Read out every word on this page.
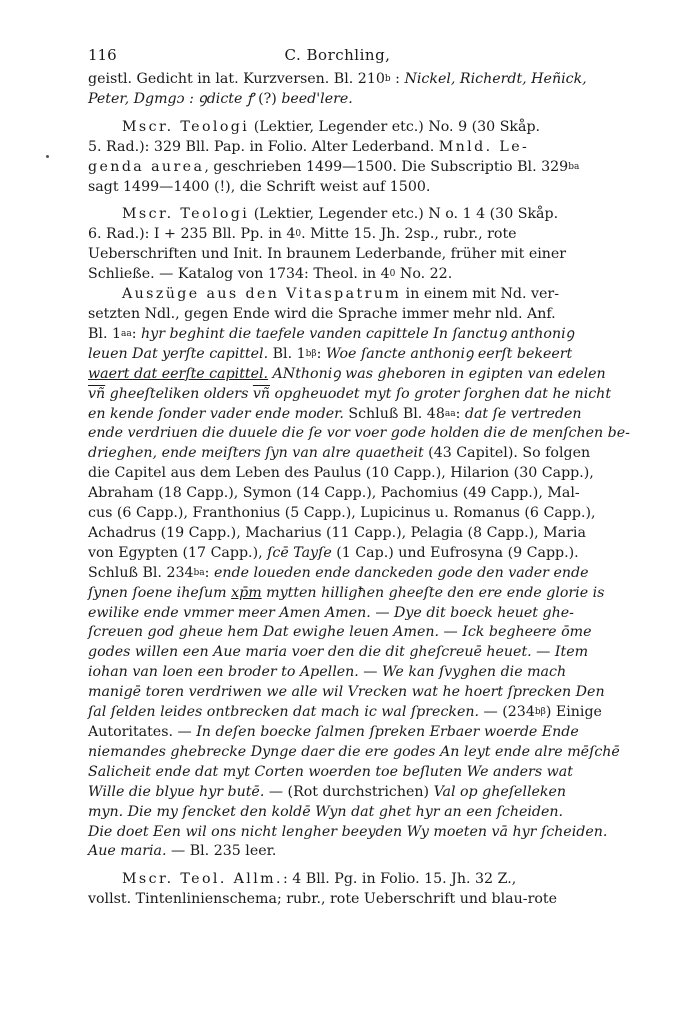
116	C. Borchling,
geistl. Gedicht in lat. Kurzversen. Bl. 210$^b$ : Nickel, Richerdt, Heñick,
Peter, Dgmgɔ : ꝯdicte ꝭ (?) beed'lere.
Mscr. Teologi (Lektier, Legender etc.) No. 9 (30 Skåp.
5. Rad.): 329 Bll. Pap. in Folio. Alter Lederband. Mnld. Le-
genda aurea, geschrieben 1499—1500. Die Subscriptio Bl. $329^{ba}$
sagt 1499—1400 (!), die Schrift weist auf 1500.
Mscr. Teologi (Lektier, Legender etc.) N o. 1 4 (30 Skåp.
6. Rad.): I + 235 Bll. Pp. in $4^0$. Mitte 15. Jh. 2sp., rubr., rote
Ueberschriften und Init. In braunem Lederbande, früher mit einer
Schließe. — Katalog von 1734: Theol. in $4^0$ No. 22.
Auszüge aus den Vitaspatrum in einem mit Nd. ver-
setzten Ndl., gegen Ende wird die Sprache immer mehr nld. Anf.
Bl. $1^{aa}$: hyr beghint die taefele vanden capittele In ſanctuꝯ anthoniꝯ
leuen Dat yerſte capittel. Bl. $1^{b\beta}$: Woe ſancte anthoniꝯ eerſt bekeert
waert dat eerſte capittel. ANthoniꝯ was gheboren in egipten van edelen
$\overline{vñ}$ gheeſteliken olders $\overline{vñ}$ opgheuodet myt ſo groter ſorghen dat he nicht
en kende ſonder vader ende moder. Schluß Bl. $48^{aa}$: dat ſe vertreden
ende verdriuen die duuele die ſe vor voer gode holden die de menſchen be-
drieghen, ende meiſters ſyn van alre quaetheit (43 Capitel). So folgen
die Capitel aus dem Leben des Paulus (10 Capp.), Hilarion (30 Capp.),
Abraham (18 Capp.), Symon (14 Capp.), Pachomius (49 Capp.), Mal-
cus (6 Capp.), Franthonius (5 Capp.), Lupicinus u. Romanus (6 Capp.),
Achadrus (19 Capp.), Macharius (11 Capp.), Pelagia (8 Capp.), Maria
von Egypten (17 Capp.), ſcē Tayſe (1 Cap.) und Eufrosyna (9 Capp.).
Schluß Bl. $234^{ba}$: ende loueden ende danckeden gode den vader ende
ſynen ſoene iheſum xp̄m mytten hilligħen gheeſte den ere ende glorie is
ewilike ende vmmer meer Amen Amen. — Dye dit boeck heuet ghe-
ſcreuen god gheue hem Dat ewighe leuen Amen. — Ick begheere ōme
godes willen een Aue maria voer den die dit gheſcreuē heuet. — Item
iohan van loen een broder to Apellen. — We kan ſvyghen die mach
manigē toren verdriwen we alle wil Vrecken wat he hoert ſprecken Den
ſal ſelden leides ontbrecken dat mach ic wal ſprecken. — $(234^{b\beta})$ Einige
Autoritates. — In deſen boecke ſalmen ſpreken Erbaer woerde Ende
niemandes ghebrecke Dynge daer die ere godes An leyt ende alre mēſchē
Salicheit ende dat myt Corten woerden toe beſluten We anders wat
Wille die blyue hyr butē. — (Rot durchstrichen) Val op gheſelleken
myn. Die my ſencket den koldē Wyn dat ghet hyr an een ſcheiden.
Die doet Een wil ons nicht lengher beeyden Wy moeten vā hyr ſcheiden.
Aue maria. — Bl. 235 leer.
Mscr. Teol. Allm.: 4 Bll. Pg. in Folio. 15. Jh. 32 Z.,
vollst. Tintenlinienschema; rubr., rote Ueberschrift und blau-rote
